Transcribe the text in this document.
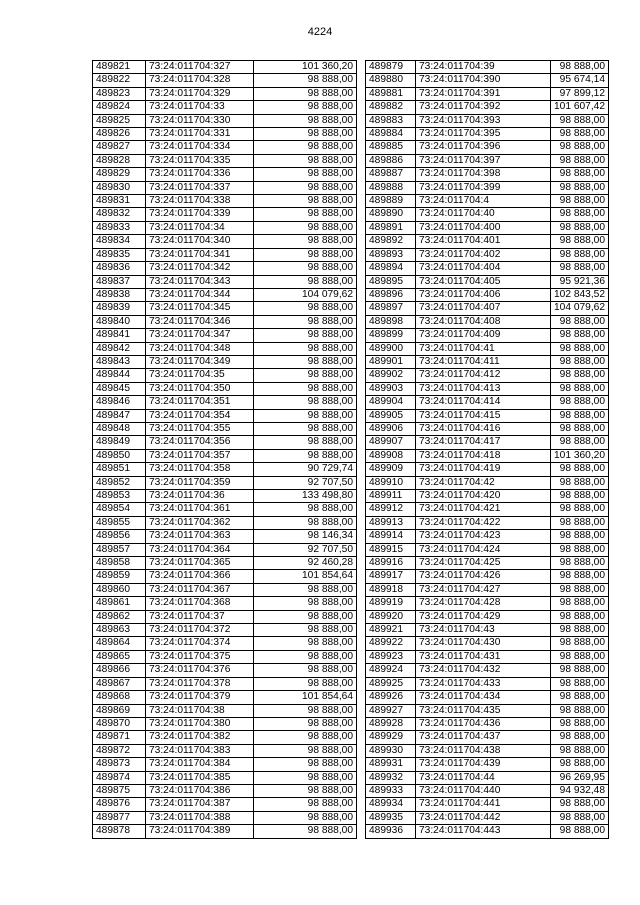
4224
489821	73:24:011704:327	101 360,20
489822	73:24:011704:328	98 888,00
489823	73:24:011704:329	98 888,00
489824	73:24:011704:33	98 888,00
489825	73:24:011704:330	98 888,00
489826	73:24:011704:331	98 888,00
489827	73:24:011704:334	98 888,00
489828	73:24:011704:335	98 888,00
489829	73:24:011704:336	98 888,00
489830	73:24:011704:337	98 888,00
489831	73:24:011704:338	98 888,00
489832	73:24:011704:339	98 888,00
489833	73:24:011704:34	98 888,00
489834	73:24:011704:340	98 888,00
489835	73:24:011704:341	98 888,00
489836	73:24:011704:342	98 888,00
489837	73:24:011704:343	98 888,00
489838	73:24:011704:344	104 079,62
489839	73:24:011704:345	98 888,00
489840	73:24:011704:346	98 888,00
489841	73:24:011704:347	98 888,00
489842	73:24:011704:348	98 888,00
489843	73:24:011704:349	98 888,00
489844	73:24:011704:35	98 888,00
489845	73:24:011704:350	98 888,00
489846	73:24:011704:351	98 888,00
489847	73:24:011704:354	98 888,00
489848	73:24:011704:355	98 888,00
489849	73:24:011704:356	98 888,00
489850	73:24:011704:357	98 888,00
489851	73:24:011704:358	90 729,74
489852	73:24:011704:359	92 707,50
489853	73:24:011704:36	133 498,80
489854	73:24:011704:361	98 888,00
489855	73:24:011704:362	98 888,00
489856	73:24:011704:363	98 146,34
489857	73:24:011704:364	92 707,50
489858	73:24:011704:365	92 460,28
489859	73:24:011704:366	101 854,64
489860	73:24:011704:367	98 888,00
489861	73:24:011704:368	98 888,00
489862	73:24:011704:37	98 888,00
489863	73:24:011704:372	98 888,00
489864	73:24:011704:374	98 888,00
489865	73:24:011704:375	98 888,00
489866	73:24:011704:376	98 888,00
489867	73:24:011704:378	98 888,00
489868	73:24:011704:379	101 854,64
489869	73:24:011704:38	98 888,00
489870	73:24:011704:380	98 888,00
489871	73:24:011704:382	98 888,00
489872	73:24:011704:383	98 888,00
489873	73:24:011704:384	98 888,00
489874	73:24:011704:385	98 888,00
489875	73:24:011704:386	98 888,00
489876	73:24:011704:387	98 888,00
489877	73:24:011704:388	98 888,00
489878	73:24:011704:389	98 888,00
489879	73:24:011704:39	98 888,00
489880	73:24:011704:390	95 674,14
489881	73:24:011704:391	97 899,12
489882	73:24:011704:392	101 607,42
489883	73:24:011704:393	98 888,00
489884	73:24:011704:395	98 888,00
489885	73:24:011704:396	98 888,00
489886	73:24:011704:397	98 888,00
489887	73:24:011704:398	98 888,00
489888	73:24:011704:399	98 888,00
489889	73:24:011704:4	98 888,00
489890	73:24:011704:40	98 888,00
489891	73:24:011704:400	98 888,00
489892	73:24:011704:401	98 888,00
489893	73:24:011704:402	98 888,00
489894	73:24:011704:404	98 888,00
489895	73:24:011704:405	95 921,36
489896	73:24:011704:406	102 843,52
489897	73:24:011704:407	104 079,62
489898	73:24:011704:408	98 888,00
489899	73:24:011704:409	98 888,00
489900	73:24:011704:41	98 888,00
489901	73:24:011704:411	98 888,00
489902	73:24:011704:412	98 888,00
489903	73:24:011704:413	98 888,00
489904	73:24:011704:414	98 888,00
489905	73:24:011704:415	98 888,00
489906	73:24:011704:416	98 888,00
489907	73:24:011704:417	98 888,00
489908	73:24:011704:418	101 360,20
489909	73:24:011704:419	98 888,00
489910	73:24:011704:42	98 888,00
489911	73:24:011704:420	98 888,00
489912	73:24:011704:421	98 888,00
489913	73:24:011704:422	98 888,00
489914	73:24:011704:423	98 888,00
489915	73:24:011704:424	98 888,00
489916	73:24:011704:425	98 888,00
489917	73:24:011704:426	98 888,00
489918	73:24:011704:427	98 888,00
489919	73:24:011704:428	98 888,00
489920	73:24:011704:429	98 888,00
489921	73:24:011704:43	98 888,00
489922	73:24:011704:430	98 888,00
489923	73:24:011704:431	98 888,00
489924	73:24:011704:432	98 888,00
489925	73:24:011704:433	98 888,00
489926	73:24:011704:434	98 888,00
489927	73:24:011704:435	98 888,00
489928	73:24:011704:436	98 888,00
489929	73:24:011704:437	98 888,00
489930	73:24:011704:438	98 888,00
489931	73:24:011704:439	98 888,00
489932	73:24:011704:44	96 269,95
489933	73:24:011704:440	94 932,48
489934	73:24:011704:441	98 888,00
489935	73:24:011704:442	98 888,00
489936	73:24:011704:443	98 888,00
